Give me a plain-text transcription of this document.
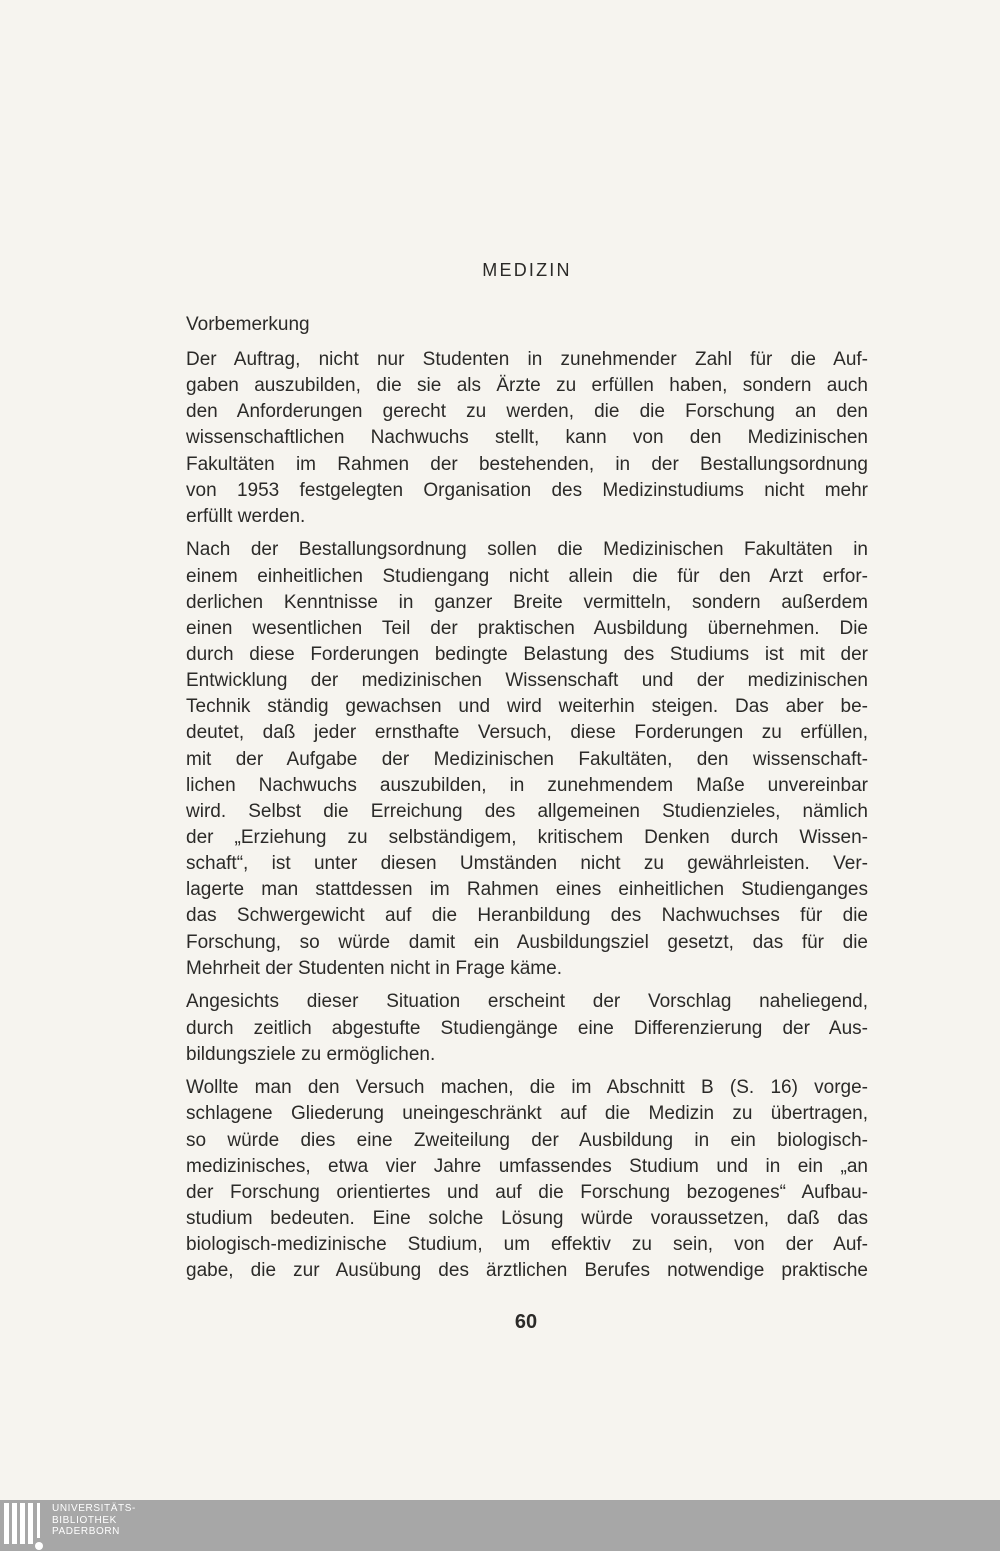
MEDIZIN
Vorbemerkung
Der Auftrag, nicht nur Studenten in zunehmender Zahl für die Auf-
gaben auszubilden, die sie als Ärzte zu erfüllen haben, sondern auch
den Anforderungen gerecht zu werden, die die Forschung an den
wissenschaftlichen Nachwuchs stellt, kann von den Medizinischen
Fakultäten im Rahmen der bestehenden, in der Bestallungsordnung
von 1953 festgelegten Organisation des Medizinstudiums nicht mehr
erfüllt werden.
Nach der Bestallungsordnung sollen die Medizinischen Fakultäten in
einem einheitlichen Studiengang nicht allein die für den Arzt erfor-
derlichen Kenntnisse in ganzer Breite vermitteln, sondern außerdem
einen wesentlichen Teil der praktischen Ausbildung übernehmen. Die
durch diese Forderungen bedingte Belastung des Studiums ist mit der
Entwicklung der medizinischen Wissenschaft und der medizinischen
Technik ständig gewachsen und wird weiterhin steigen. Das aber be-
deutet, daß jeder ernsthafte Versuch, diese Forderungen zu erfüllen,
mit der Aufgabe der Medizinischen Fakultäten, den wissenschaft-
lichen Nachwuchs auszubilden, in zunehmendem Maße unvereinbar
wird. Selbst die Erreichung des allgemeinen Studienzieles, nämlich
der „Erziehung zu selbständigem, kritischem Denken durch Wissen-
schaft“, ist unter diesen Umständen nicht zu gewährleisten. Ver-
lagerte man stattdessen im Rahmen eines einheitlichen Studienganges
das Schwergewicht auf die Heranbildung des Nachwuchses für die
Forschung, so würde damit ein Ausbildungsziel gesetzt, das für die
Mehrheit der Studenten nicht in Frage käme.
Angesichts dieser Situation erscheint der Vorschlag naheliegend,
durch zeitlich abgestufte Studiengänge eine Differenzierung der Aus-
bildungsziele zu ermöglichen.
Wollte man den Versuch machen, die im Abschnitt B (S. 16) vorge-
schlagene Gliederung uneingeschränkt auf die Medizin zu übertragen,
so würde dies eine Zweiteilung der Ausbildung in ein biologisch-
medizinisches, etwa vier Jahre umfassendes Studium und in ein „an
der Forschung orientiertes und auf die Forschung bezogenes“ Aufbau-
studium bedeuten. Eine solche Lösung würde voraussetzen, daß das
biologisch-medizinische Studium, um effektiv zu sein, von der Auf-
gabe, die zur Ausübung des ärztlichen Berufes notwendige praktische
60
UNIVERSITÄTS-
BIBLIOTHEK
PADERBORN
